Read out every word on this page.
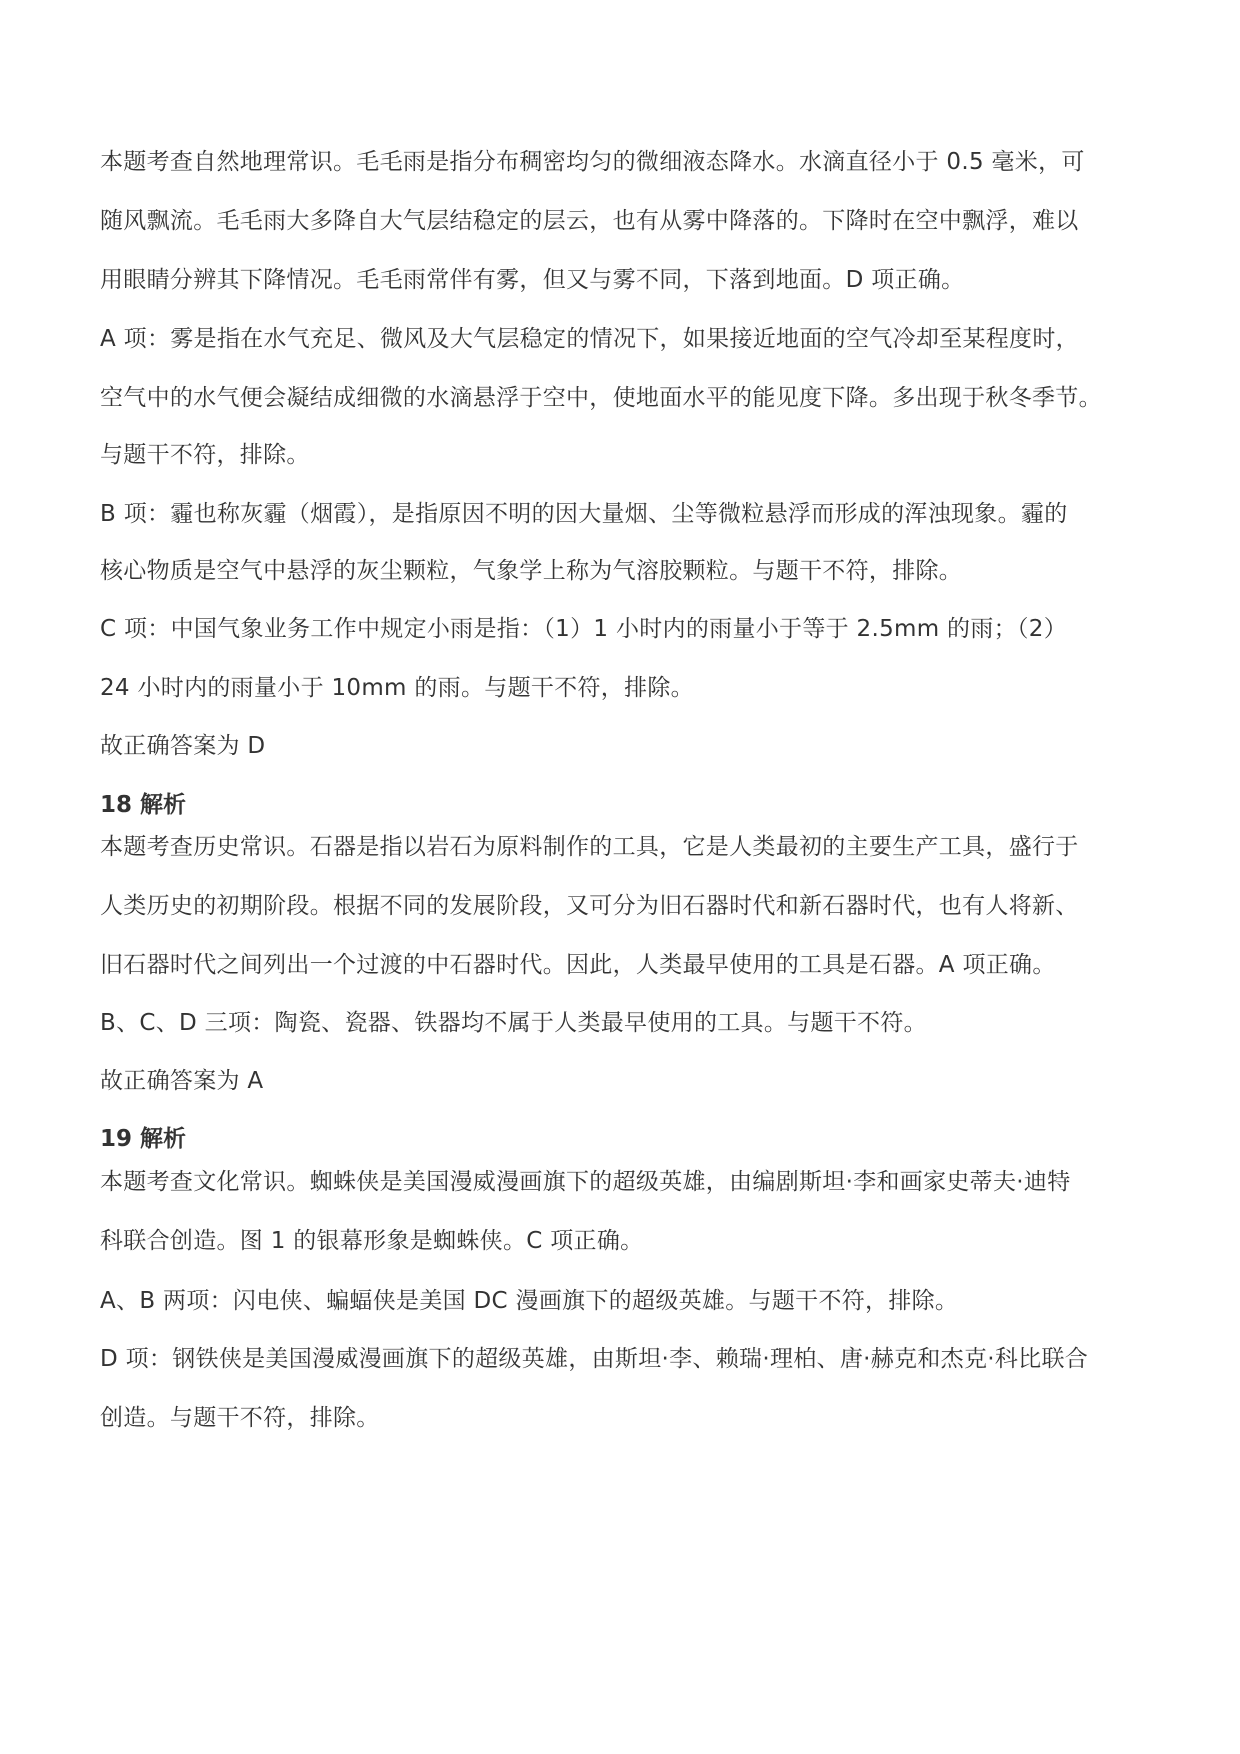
本题考查自然地理常识。毛毛雨是指分布稠密均匀的微细液态降水。水滴直径小于 0.5 毫米，可
随风飘流。毛毛雨大多降自大气层结稳定的层云，也有从雾中降落的。下降时在空中飘浮，难以
用眼睛分辨其下降情况。毛毛雨常伴有雾，但又与雾不同，下落到地面。D 项正确。
A 项：雾是指在水气充足、微风及大气层稳定的情况下，如果接近地面的空气冷却至某程度时，
空气中的水气便会凝结成细微的水滴悬浮于空中，使地面水平的能见度下降。多出现于秋冬季节。
与题干不符，排除。
B 项：霾也称灰霾（烟霞），是指原因不明的因大量烟、尘等微粒悬浮而形成的浑浊现象。霾的
核心物质是空气中悬浮的灰尘颗粒，气象学上称为气溶胶颗粒。与题干不符，排除。
C 项：中国气象业务工作中规定小雨是指：（1）1 小时内的雨量小于等于 2.5mm 的雨；（2）
24 小时内的雨量小于 10mm 的雨。与题干不符，排除。
故正确答案为 D
18 解析
本题考查历史常识。石器是指以岩石为原料制作的工具，它是人类最初的主要生产工具，盛行于
人类历史的初期阶段。根据不同的发展阶段，又可分为旧石器时代和新石器时代，也有人将新、
旧石器时代之间列出一个过渡的中石器时代。因此，人类最早使用的工具是石器。A 项正确。
B、C、D 三项：陶瓷、瓷器、铁器均不属于人类最早使用的工具。与题干不符。
故正确答案为 A
19 解析
本题考查文化常识。蜘蛛侠是美国漫威漫画旗下的超级英雄，由编剧斯坦·李和画家史蒂夫·迪特
科联合创造。图 1 的银幕形象是蜘蛛侠。C 项正确。
A、B 两项：闪电侠、蝙蝠侠是美国 DC 漫画旗下的超级英雄。与题干不符，排除。
D 项：钢铁侠是美国漫威漫画旗下的超级英雄，由斯坦·李、赖瑞·理柏、唐·赫克和杰克·科比联合
创造。与题干不符，排除。
